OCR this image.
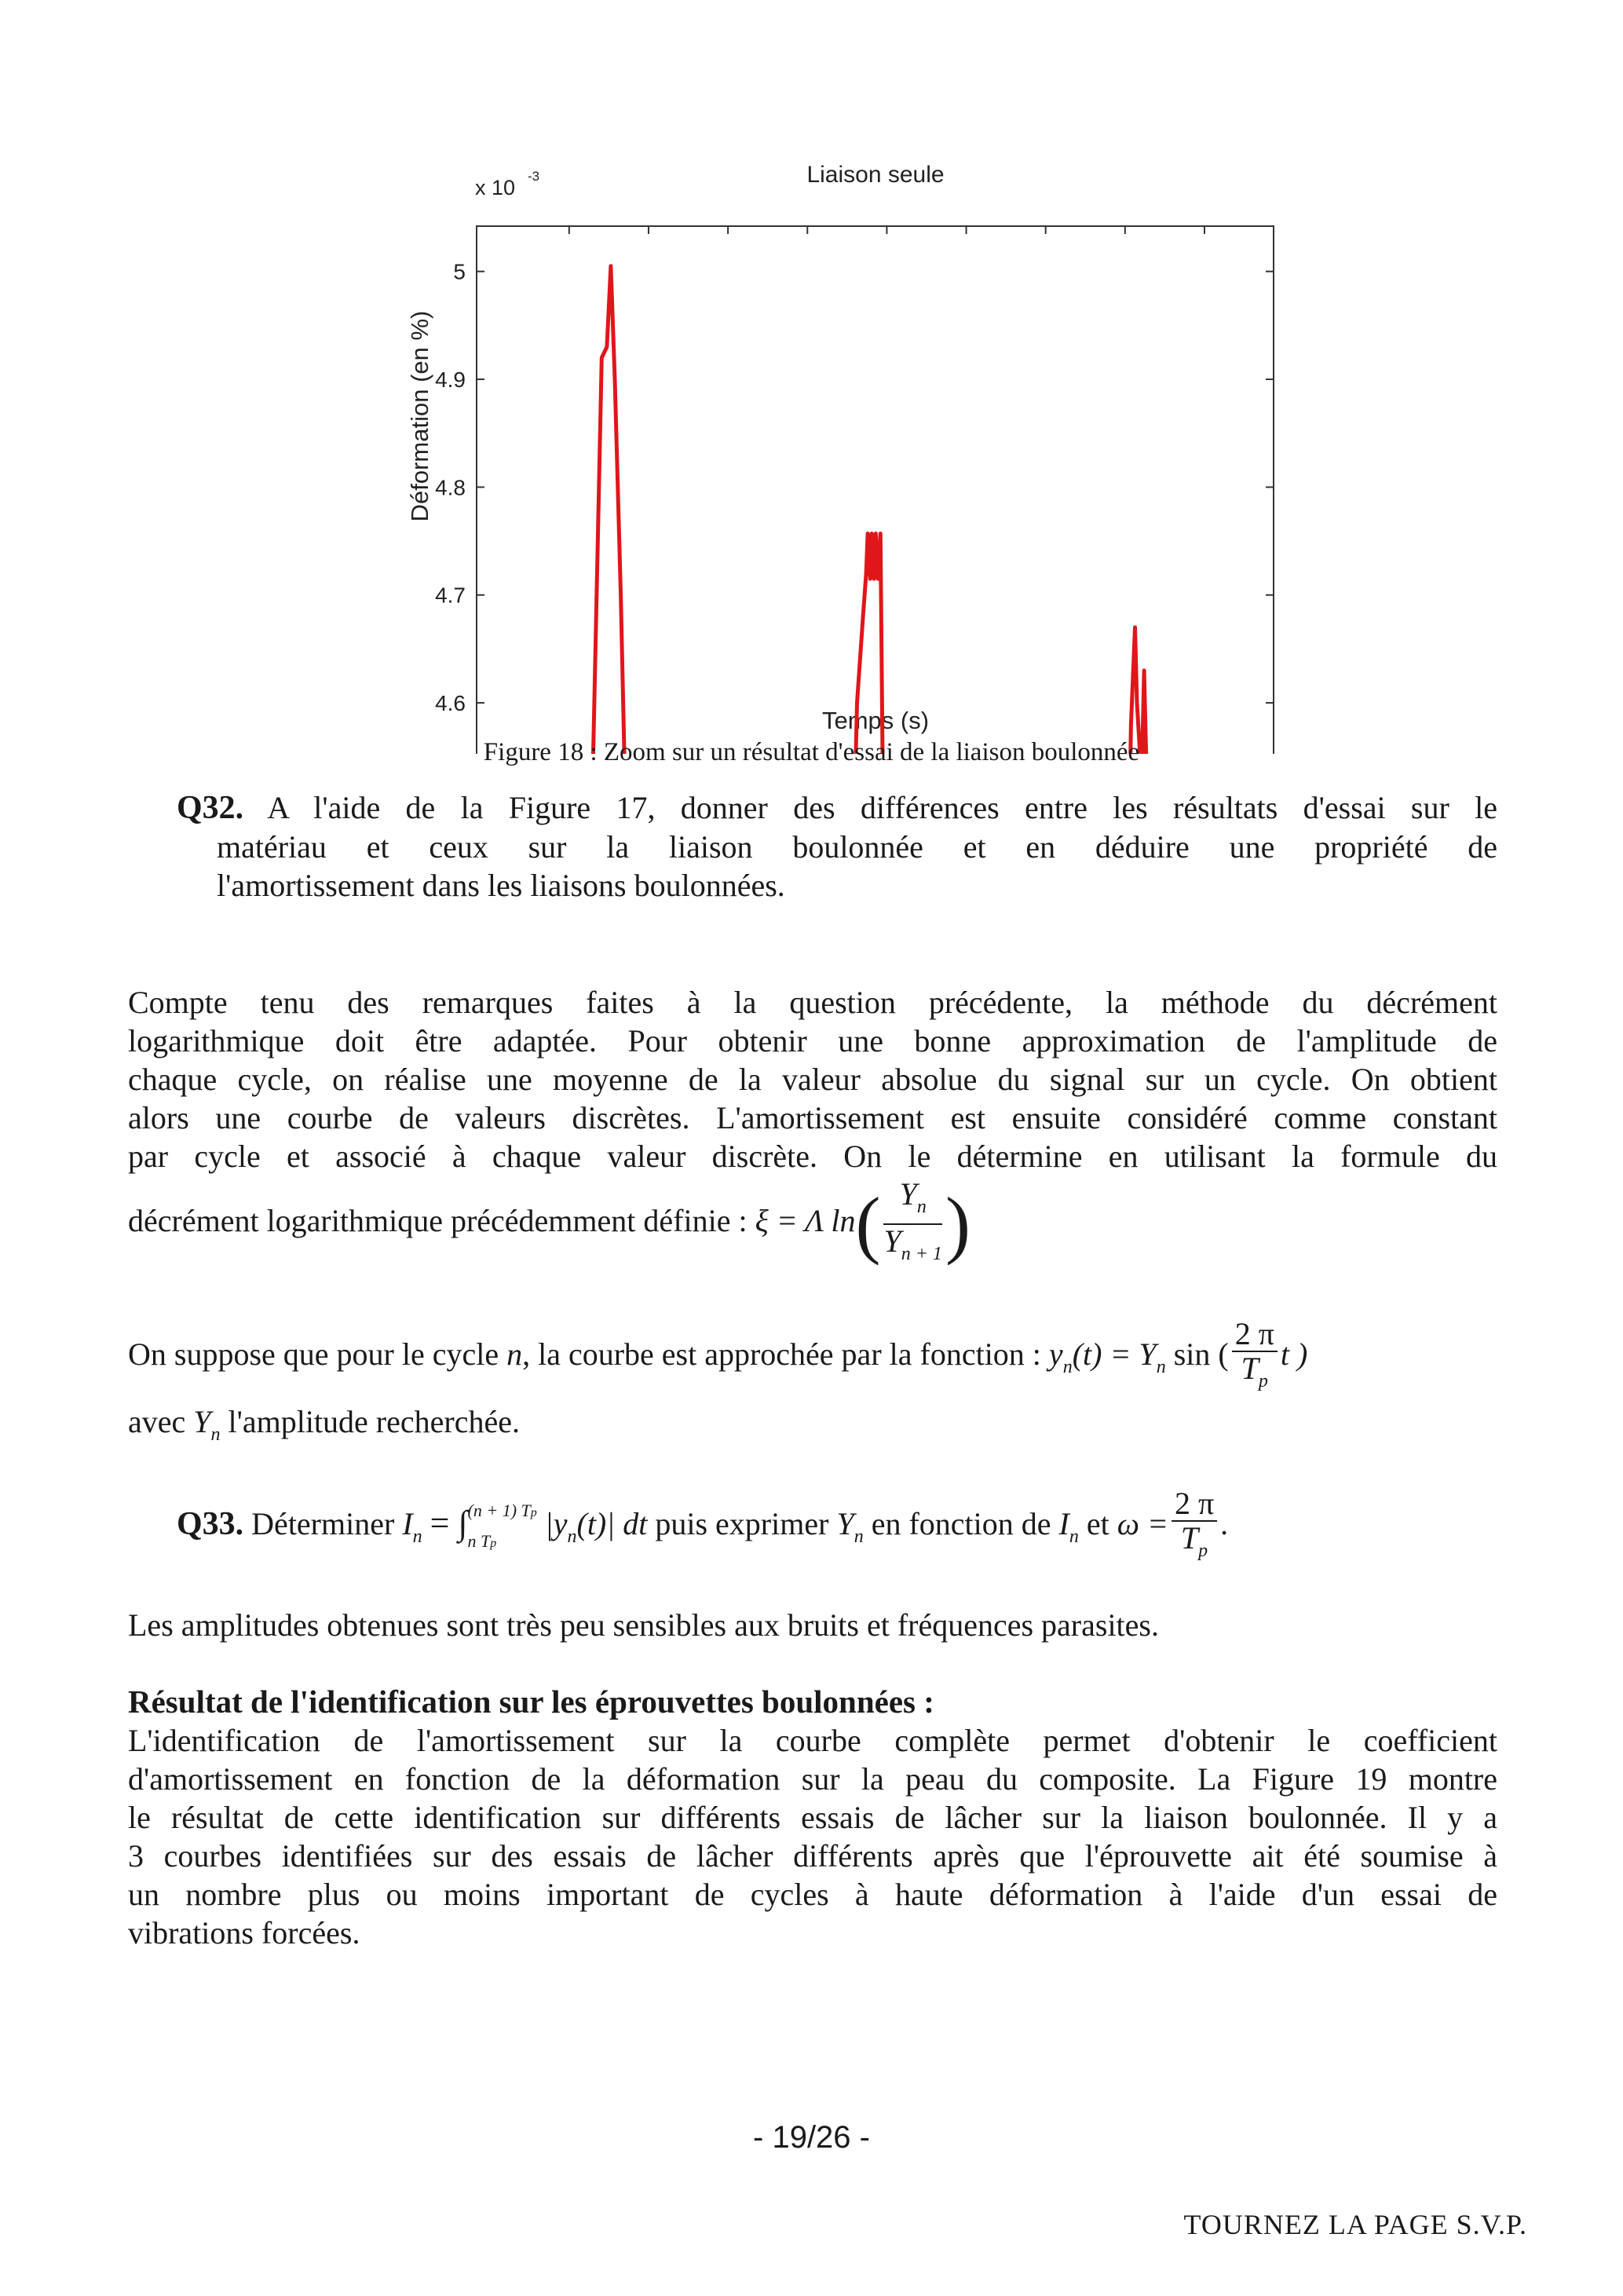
4.6
4.7
4.8
4.9
5
Liaison seule
Temps (s)
Déformation (en %)
x 10 -3
Figure 18 : Zoom sur un résultat d'essai de la liaison boulonnée
Q32. A l'aide de la Figure 17, donner des différences entre les résultats d'essai sur le
matériau et ceux sur la liaison boulonnée et en déduire une propriété de
l'amortissement dans les liaisons boulonnées.
Compte tenu des remarques faites à la question précédente, la méthode du décrément
logarithmique doit être adaptée. Pour obtenir une bonne approximation de l'amplitude de
chaque cycle, on réalise une moyenne de la valeur absolue du signal sur un cycle. On obtient
alors une courbe de valeurs discrètes. L'amortissement est ensuite considéré comme constant
par cycle et associé à chaque valeur discrète. On le détermine en utilisant la formule du
décrément logarithmique précédemment définie : ξ = Λ $\ln( \frac{Y_n}{Y_{n + 1}}$ )
On suppose que pour le cycle n, la courbe est approchée par la fonction : $y_n(t) = Y_n$ sin ( $\frac{2 \pi}{T_p}$ t )
avec $Y_n$ l'amplitude recherchée.
Q33. Déterminer $I_n$ = ∫ (n + 1) Tp
n Tp
$|y_n(t)|$ dt puis exprimer $Y_n$ en fonction de $I_n$ et $\omega = \frac{2 \pi}{T_p}$ .
Les amplitudes obtenues sont très peu sensibles aux bruits et fréquences parasites.
Résultat de l'identification sur les éprouvettes boulonnées :
L'identification de l'amortissement sur la courbe complète permet d'obtenir le coefficient
d'amortissement en fonction de la déformation sur la peau du composite. La Figure 19 montre
le résultat de cette identification sur différents essais de lâcher sur la liaison boulonnée. Il y a
3 courbes identifiées sur des essais de lâcher différents après que l'éprouvette ait été soumise à
un nombre plus ou moins important de cycles à haute déformation à l'aide d'un essai de
vibrations forcées.
- 19/26 -
TOURNEZ LA PAGE S.V.P.
